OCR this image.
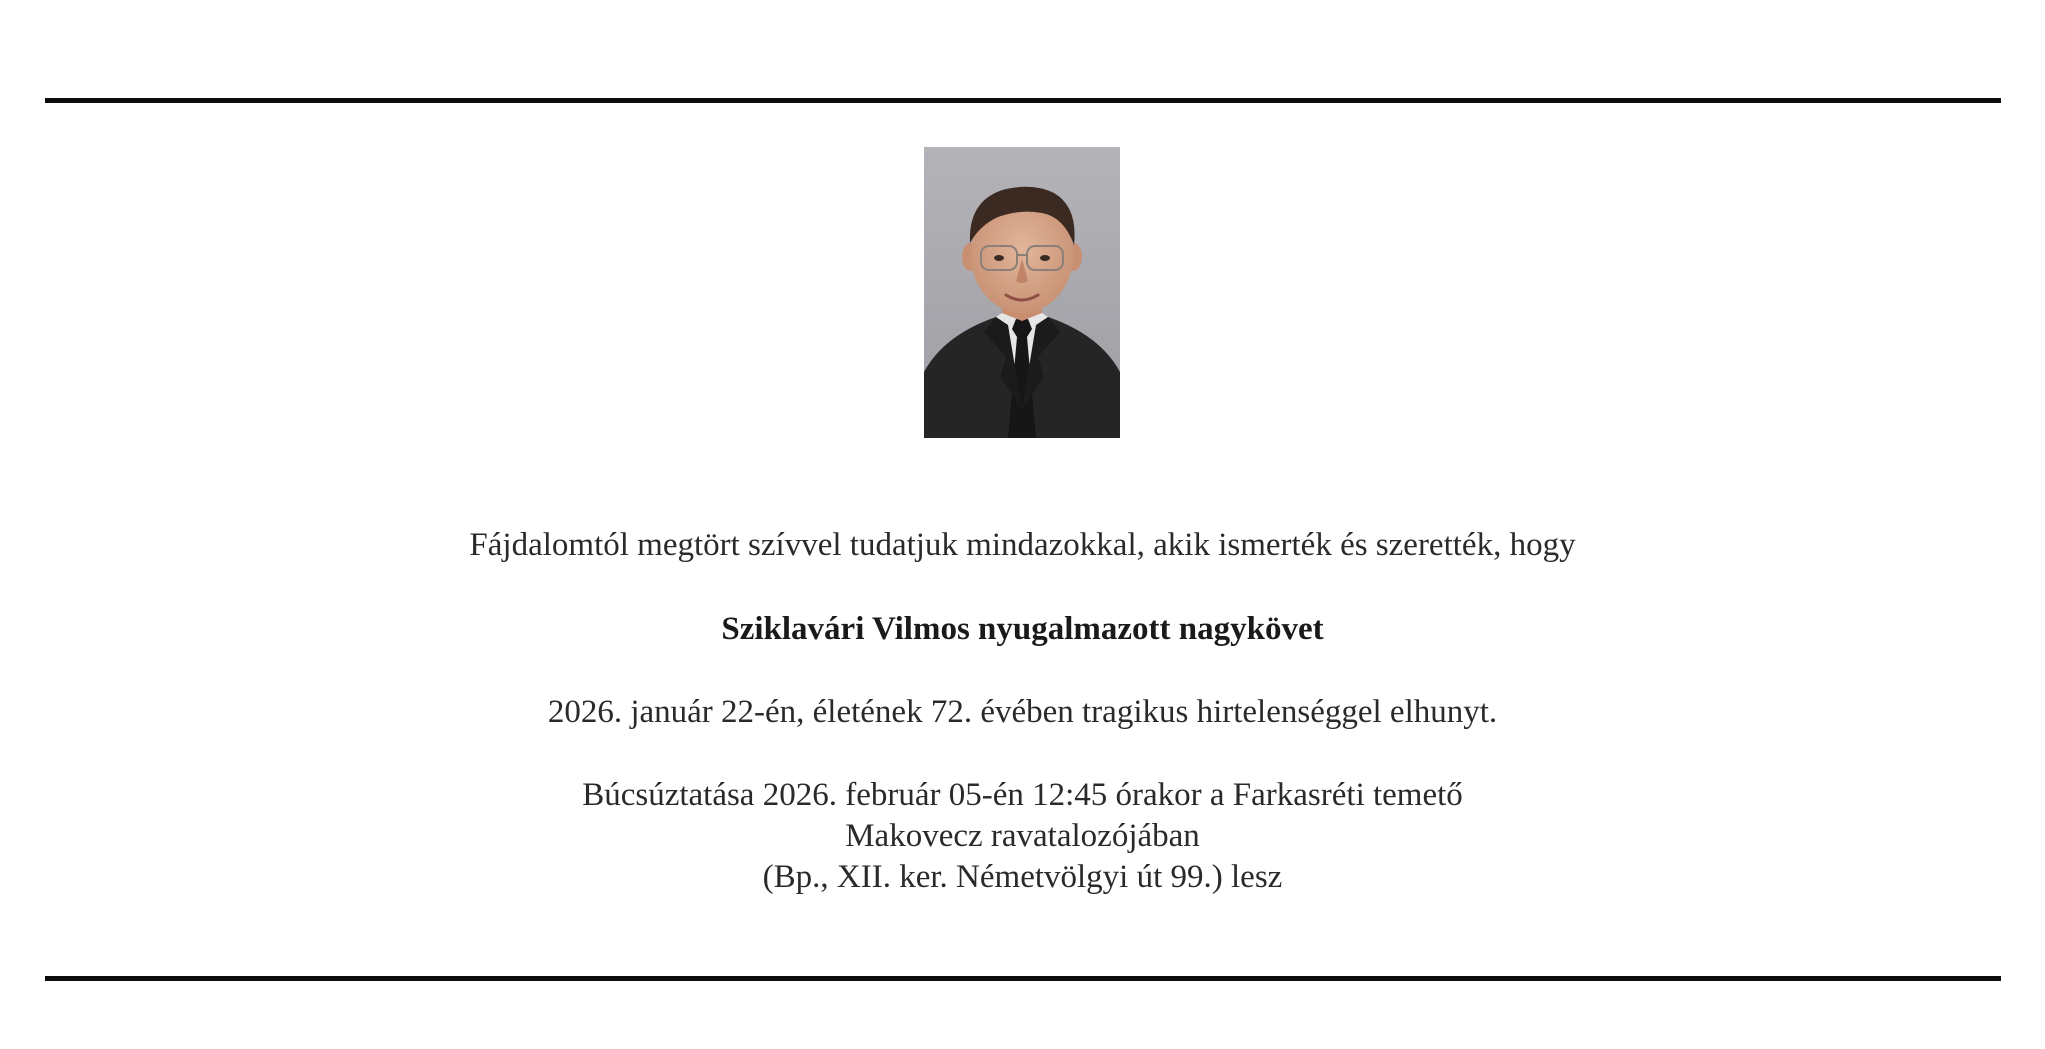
Fájdalomtól megtört szívvel tudatjuk mindazokkal, akik ismerték és szerették, hogy
Sziklavári Vilmos nyugalmazott nagykövet
2026. január 22-én, életének 72. évében tragikus hirtelenséggel elhunyt.
Búcsúztatása 2026. február 05-én 12:45 órakor a Farkasréti temető
Makovecz ravatalozójában
(Bp., XII. ker. Németvölgyi út 99.) lesz
